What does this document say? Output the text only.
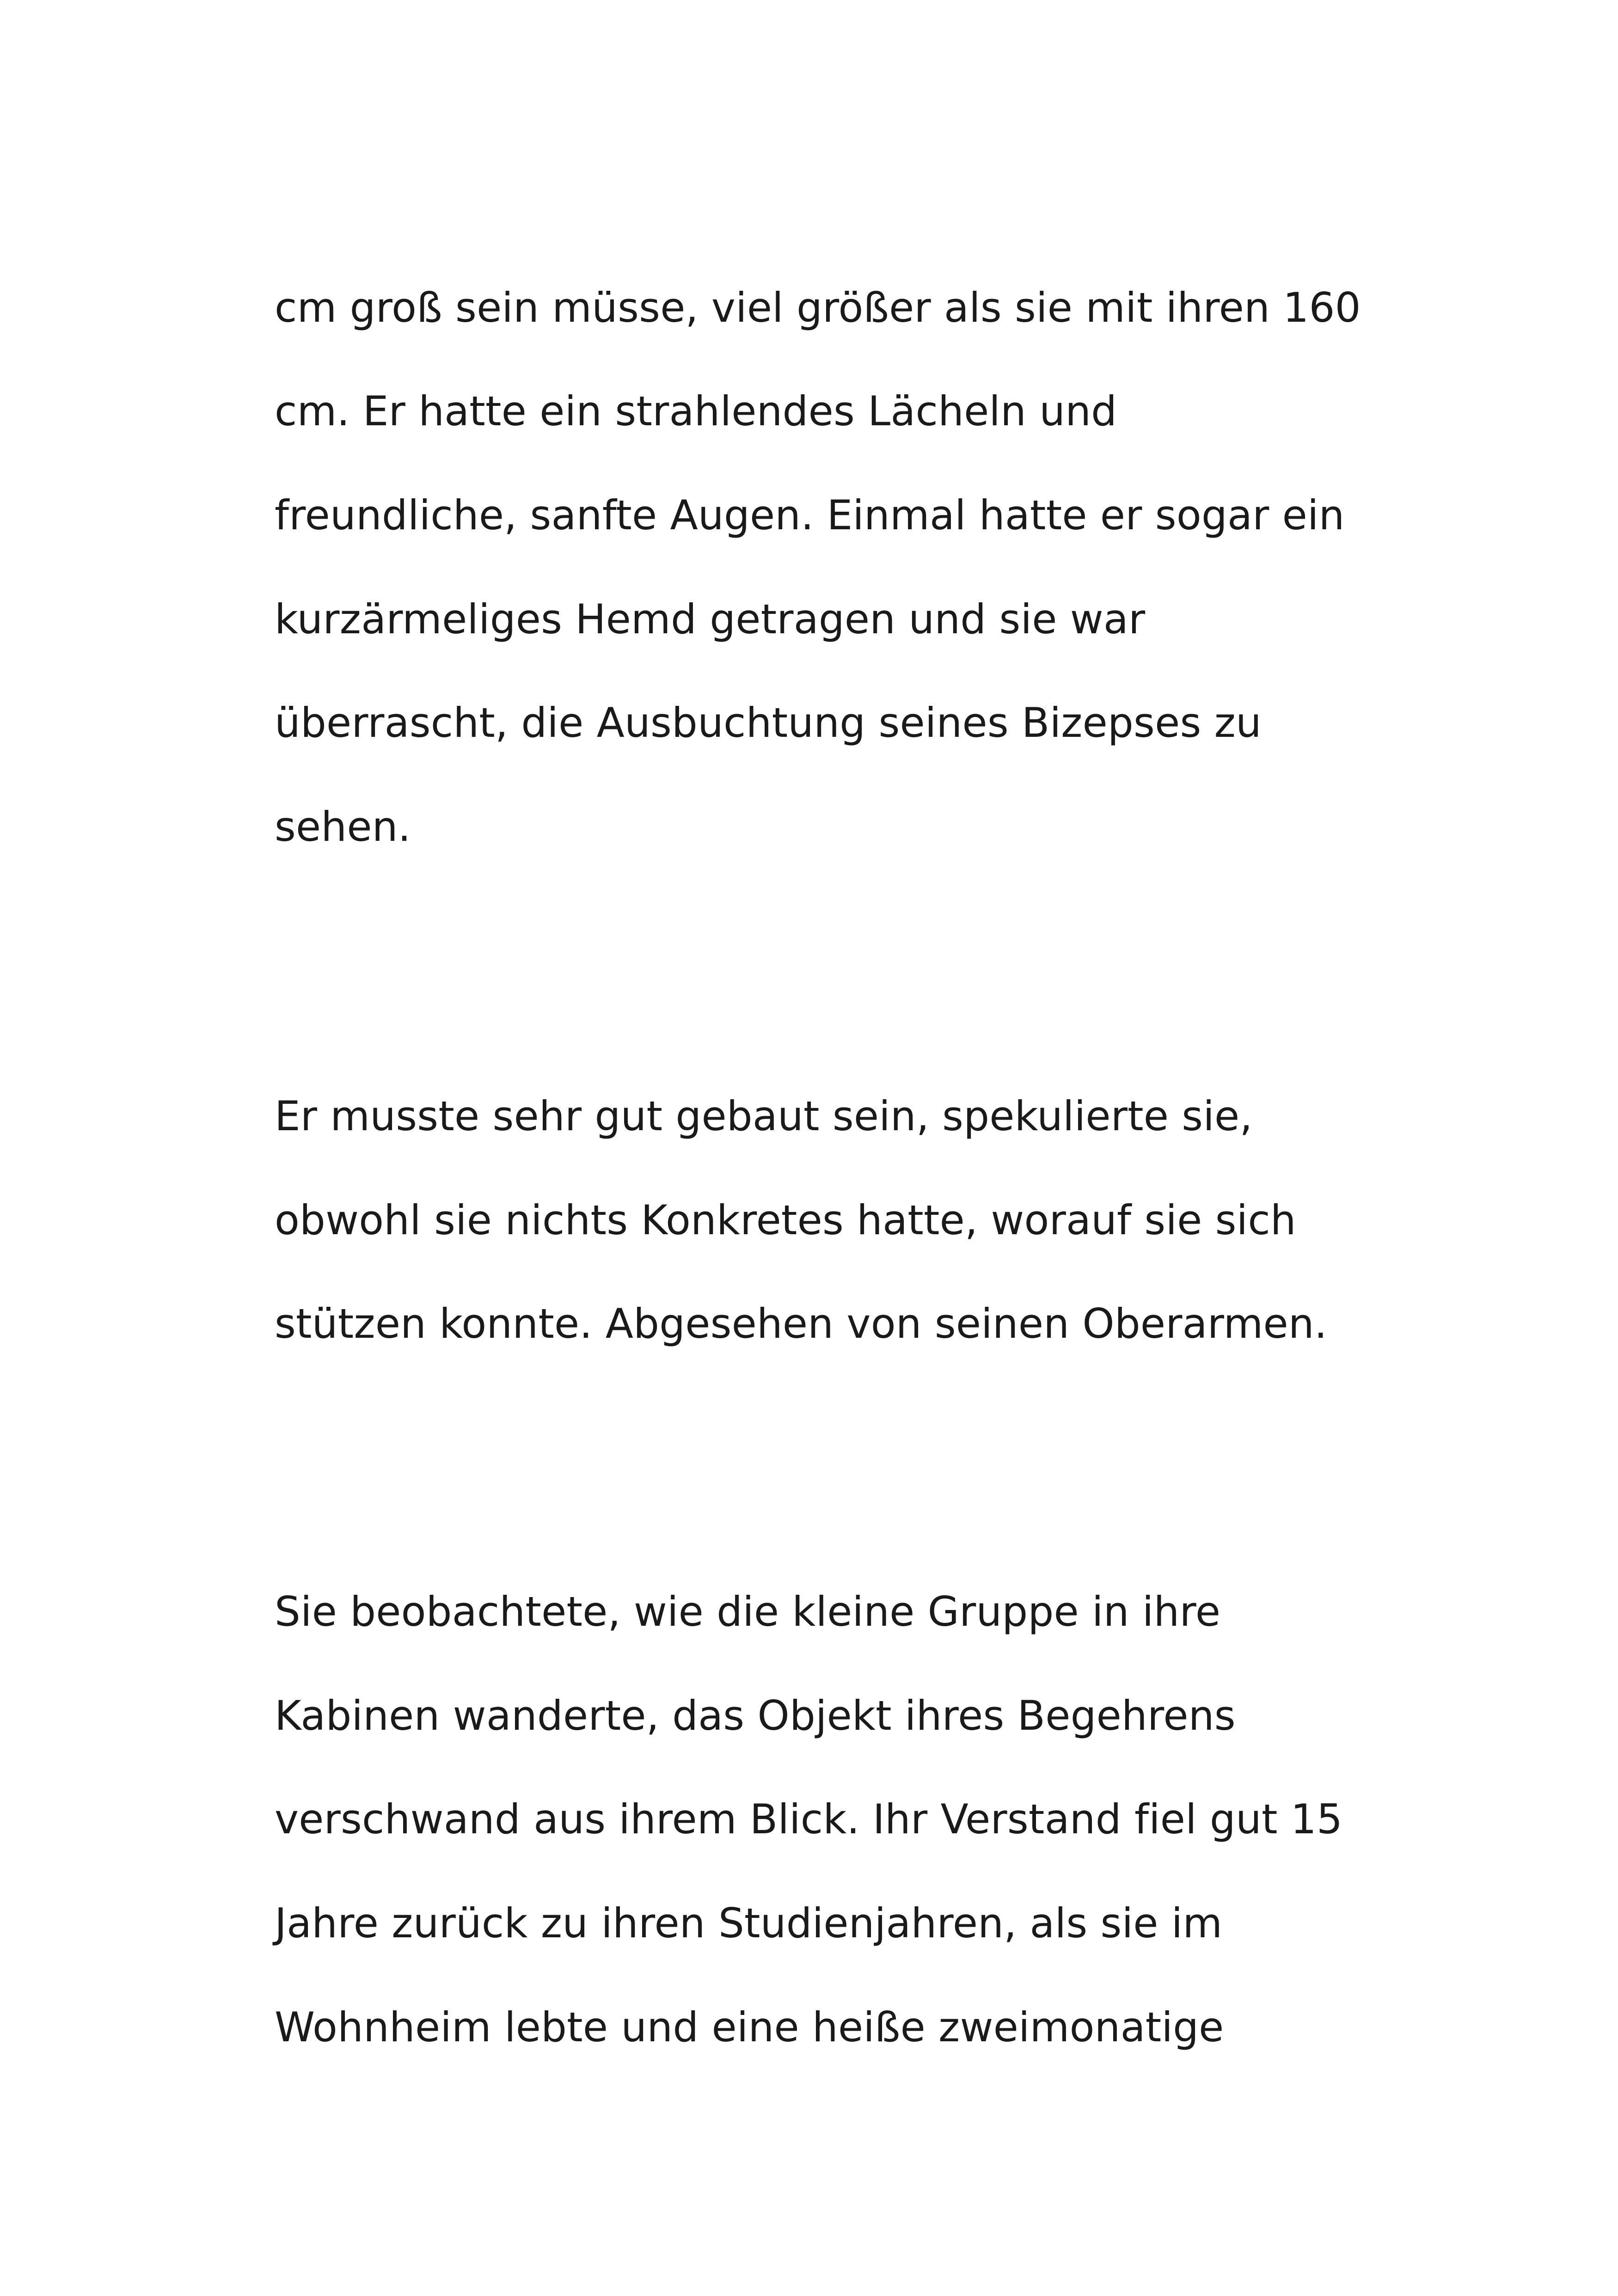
cm groß sein müsse, viel größer als sie mit ihren 160

cm. Er hatte ein strahlendes Lächeln und

freundliche, sanfte Augen. Einmal hatte er sogar ein

kurzärmeliges Hemd getragen und sie war

überrascht, die Ausbuchtung seines Bizepses zu

sehen.

Er musste sehr gut gebaut sein, spekulierte sie,

obwohl sie nichts Konkretes hatte, worauf sie sich

stützen konnte. Abgesehen von seinen Oberarmen.

Sie beobachtete, wie die kleine Gruppe in ihre

Kabinen wanderte, das Objekt ihres Begehrens

verschwand aus ihrem Blick. Ihr Verstand fiel gut 15

Jahre zurück zu ihren Studienjahren, als sie im

Wohnheim lebte und eine heiße zweimonatige
